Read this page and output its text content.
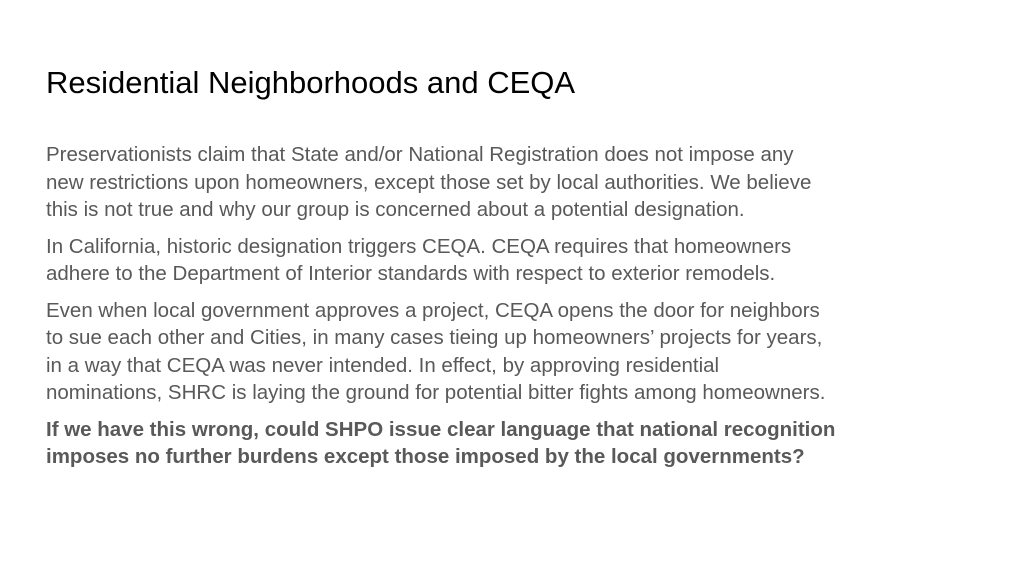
Residential Neighborhoods and CEQA

Preservationists claim that State and/or National Registration does not impose any
new restrictions upon homeowners, except those set by local authorities. We believe
this is not true and why our group is concerned about a potential designation.

In California, historic designation triggers CEQA. CEQA requires that homeowners
adhere to the Department of Interior standards with respect to exterior remodels.

Even when local government approves a project, CEQA opens the door for neighbors
to sue each other and Cities, in many cases tieing up homeowners’ projects for years,
in a way that CEQA was never intended. In effect, by approving residential
nominations, SHRC is laying the ground for potential bitter fights among homeowners.

If we have this wrong, could SHPO issue clear language that national recognition
imposes no further burdens except those imposed by the local governments?
